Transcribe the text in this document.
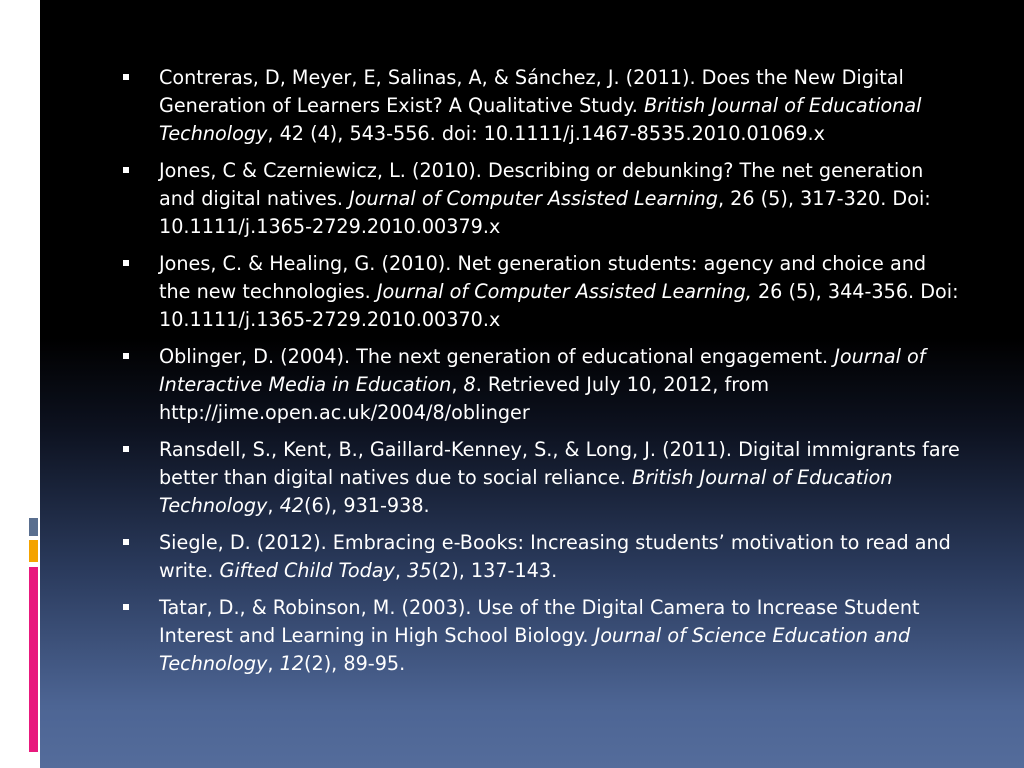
Contreras, D, Meyer, E, Salinas, A, & Sánchez, J. (2011). Does the New Digital Generation of Learners Exist? A Qualitative Study. British Journal of Educational Technology, 42 (4), 543-556. doi: 10.1111/j.1467-8535.2010.01069.x
Jones, C & Czerniewicz, L. (2010). Describing or debunking? The net generation and digital natives. Journal of Computer Assisted Learning, 26 (5), 317-320. Doi: 10.1111/j.1365-2729.2010.00379.x
Jones, C. & Healing, G. (2010). Net generation students: agency and choice and the new technologies. Journal of Computer Assisted Learning, 26 (5), 344-356. Doi: 10.1111/j.1365-2729.2010.00370.x
Oblinger, D. (2004). The next generation of educational engagement. Journal of Interactive Media in Education, 8. Retrieved July 10, 2012, from http://jime.open.ac.uk/2004/8/oblinger
Ransdell, S., Kent, B., Gaillard-Kenney, S., & Long, J. (2011). Digital immigrants fare better than digital natives due to social reliance. British Journal of Education Technology, 42(6), 931-938.
Siegle, D. (2012). Embracing e-Books: Increasing students’ motivation to read and write. Gifted Child Today, 35(2), 137-143.
Tatar, D., & Robinson, M. (2003). Use of the Digital Camera to Increase Student Interest and Learning in High School Biology. Journal of Science Education and Technology, 12(2), 89-95.
